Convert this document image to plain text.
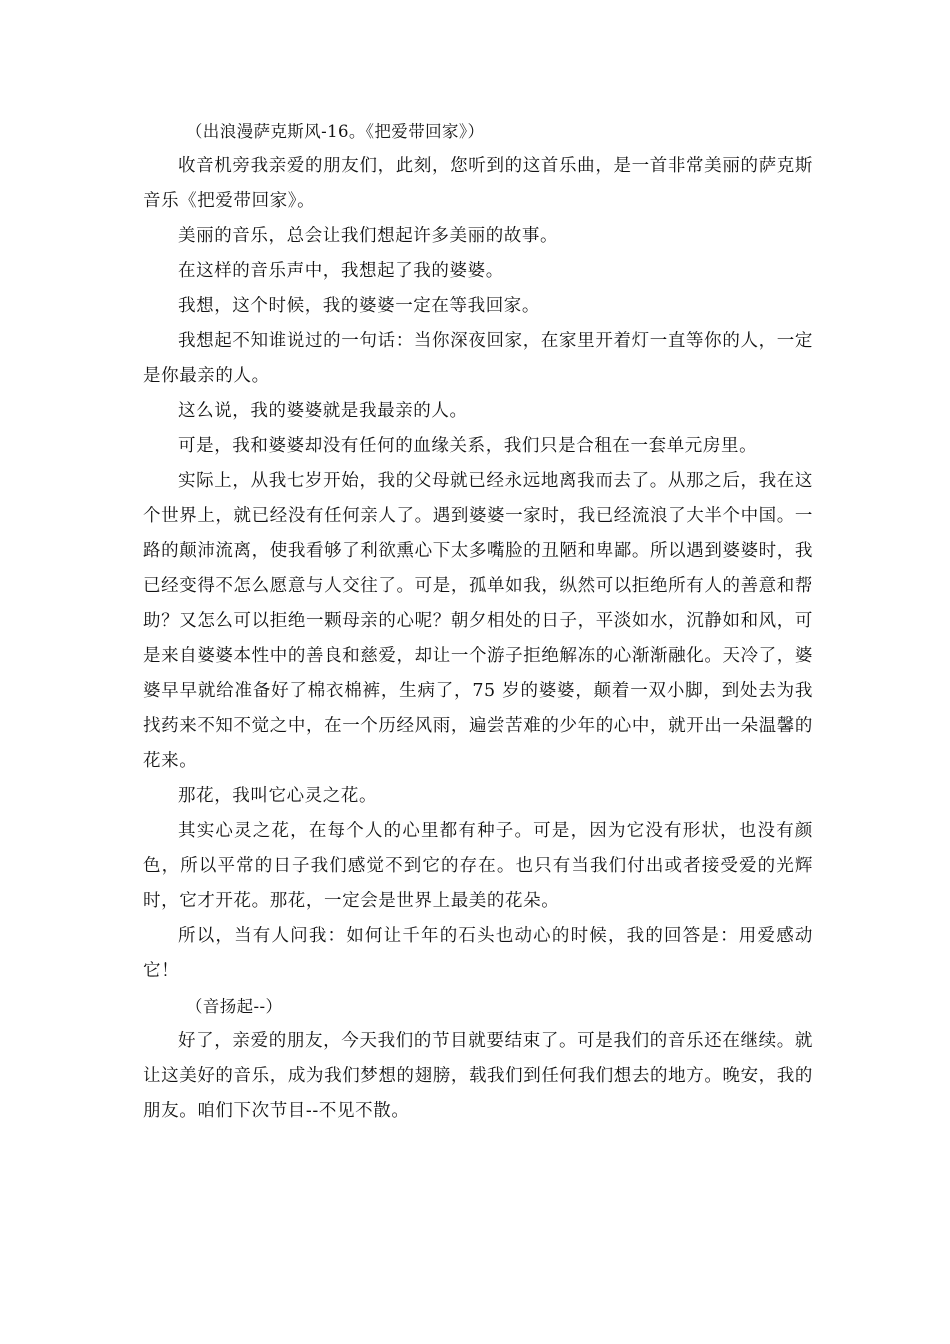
（出浪漫萨克斯风-16。《把爱带回家》）

收音机旁我亲爱的朋友们，此刻，您听到的这首乐曲，是一首非常美丽的萨克斯音乐《把爱带回家》。

美丽的音乐，总会让我们想起许多美丽的故事。

在这样的音乐声中，我想起了我的婆婆。

我想，这个时候，我的婆婆一定在等我回家。

我想起不知谁说过的一句话：当你深夜回家，在家里开着灯一直等你的人，一定是你最亲的人。

这么说，我的婆婆就是我最亲的人。

可是，我和婆婆却没有任何的血缘关系，我们只是合租在一套单元房里。

实际上，从我七岁开始，我的父母就已经永远地离我而去了。从那之后，我在这个世界上，就已经没有任何亲人了。遇到婆婆一家时，我已经流浪了大半个中国。一路的颠沛流离，使我看够了利欲熏心下太多嘴脸的丑陋和卑鄙。所以遇到婆婆时，我已经变得不怎么愿意与人交往了。可是，孤单如我，纵然可以拒绝所有人的善意和帮助？又怎么可以拒绝一颗母亲的心呢？朝夕相处的日子，平淡如水，沉静如和风，可是来自婆婆本性中的善良和慈爱，却让一个游子拒绝解冻的心渐渐融化。天冷了，婆婆早早就给准备好了棉衣棉裤，生病了，75 岁的婆婆，颠着一双小脚，到处去为我找药来不知不觉之中，在一个历经风雨，遍尝苦难的少年的心中，就开出一朵温馨的花来。

那花，我叫它心灵之花。

其实心灵之花，在每个人的心里都有种子。可是，因为它没有形状，也没有颜色，所以平常的日子我们感觉不到它的存在。也只有当我们付出或者接受爱的光辉时，它才开花。那花，一定会是世界上最美的花朵。

所以，当有人问我：如何让千年的石头也动心的时候，我的回答是：用爱感动它！

（音扬起--）

好了，亲爱的朋友，今天我们的节目就要结束了。可是我们的音乐还在继续。就让这美好的音乐，成为我们梦想的翅膀，载我们到任何我们想去的地方。晚安，我的朋友。咱们下次节目--不见不散。
